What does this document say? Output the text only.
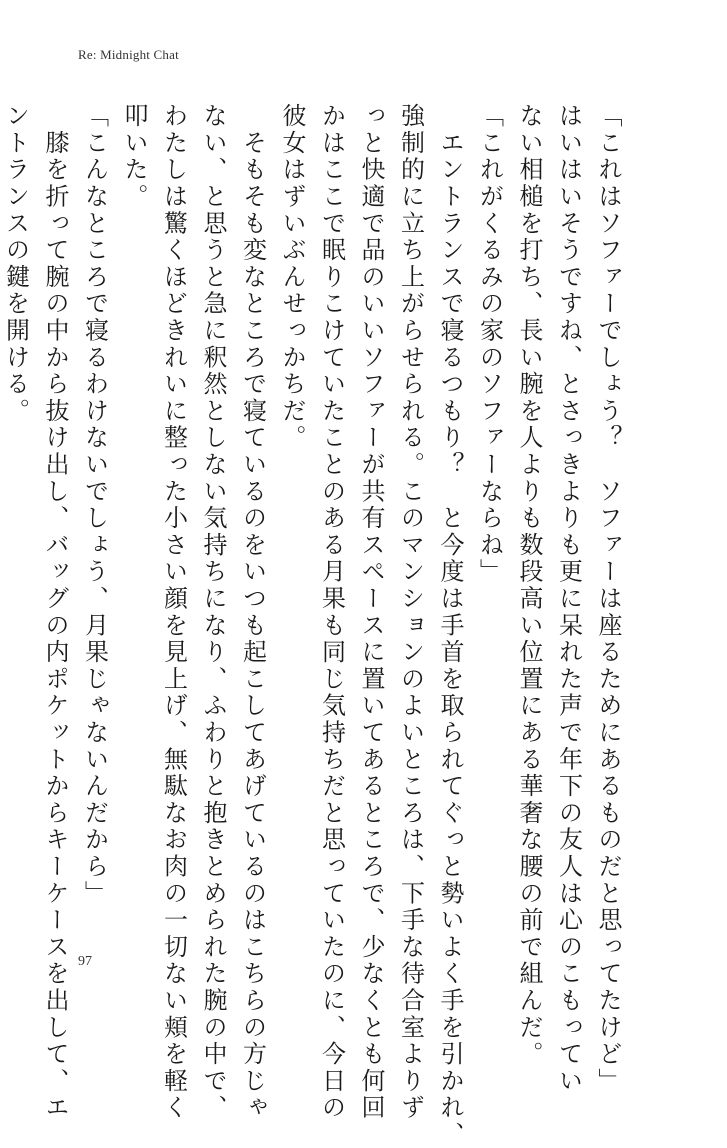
Re: Midnight Chat

「これはソファーでしょう？　ソファーは座るためにあるものだと思ってたけど」

はいはいそうですね、とさっきよりも更に呆れた声で年下の友人は心のこもってい

ない相槌を打ち、長い腕を人よりも数段高い位置にある華奢な腰の前で組んだ。

「これがくるみの家のソファーならね」

　エントランスで寝るつもり？　と今度は手首を取られてぐっと勢いよく手を引かれ、

強制的に立ち上がらせられる。このマンションのよいところは、下手な待合室よりず

っと快適で品のいいソファーが共有スペースに置いてあるところで、少なくとも何回

かはここで眠りこけていたことのある月果も同じ気持ちだと思っていたのに、今日の

彼女はずいぶんせっかちだ。

　そもそも変なところで寝ているのをいつも起こしてあげているのはこちらの方じゃ

ない、と思うと急に釈然としない気持ちになり、ふわりと抱きとめられた腕の中で、

わたしは驚くほどきれいに整った小さい顔を見上げ、無駄なお肉の一切ない頬を軽く

叩いた。

「こんなところで寝るわけないでしょう、月果じゃないんだから」

　膝を折って腕の中から抜け出し、バッグの内ポケットからキーケースを出して、エ

ントランスの鍵を開ける。

97
